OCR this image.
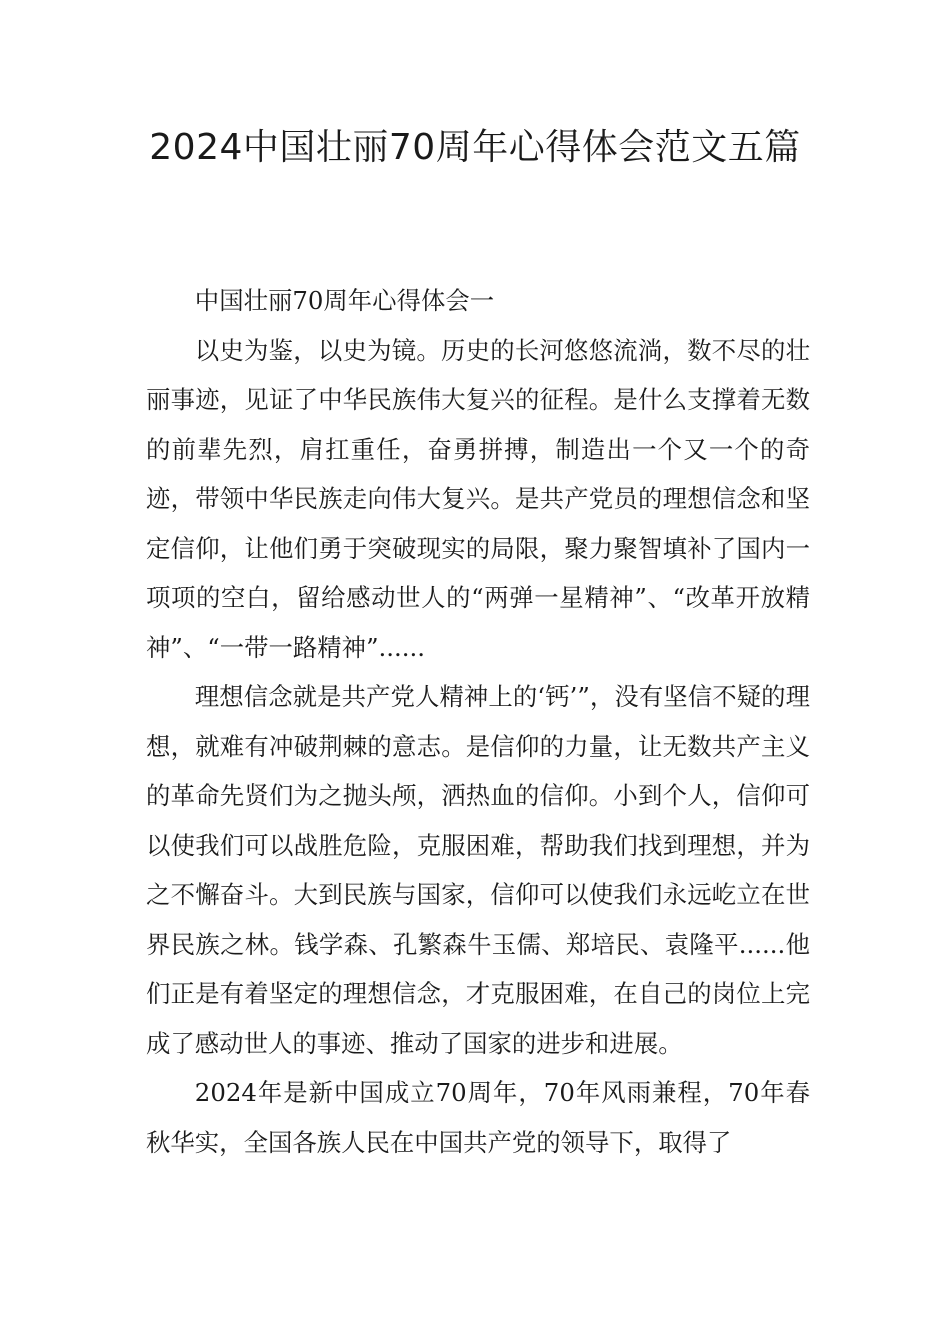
2024中国壮丽70周年心得体会范文五篇

中国壮丽70周年心得体会一

以史为鉴，以史为镜。历史的长河悠悠流淌，数不尽的壮丽事迹，见证了中华民族伟大复兴的征程。是什么支撑着无数的前辈先烈，肩扛重任，奋勇拼搏，制造出一个又一个的奇迹，带领中华民族走向伟大复兴。是共产党员的理想信念和坚定信仰，让他们勇于突破现实的局限，聚力聚智填补了国内一项项的空白，留给感动世人的“两弹一星精神”、“改革开放精神”、“一带一路精神”......

理想信念就是共产党人精神上的‘钙’”，没有坚信不疑的理想，就难有冲破荆棘的意志。是信仰的力量，让无数共产主义的革命先贤们为之抛头颅，洒热血的信仰。小到个人，信仰可以使我们可以战胜危险，克服困难，帮助我们找到理想，并为之不懈奋斗。大到民族与国家，信仰可以使我们永远屹立在世界民族之林。钱学森、孔繁森牛玉儒、郑培民、袁隆平......他们正是有着坚定的理想信念，才克服困难，在自己的岗位上完成了感动世人的事迹、推动了国家的进步和进展。

2024年是新中国成立70周年，70年风雨兼程，70年春秋华实，全国各族人民在中国共产党的领导下，取得了
